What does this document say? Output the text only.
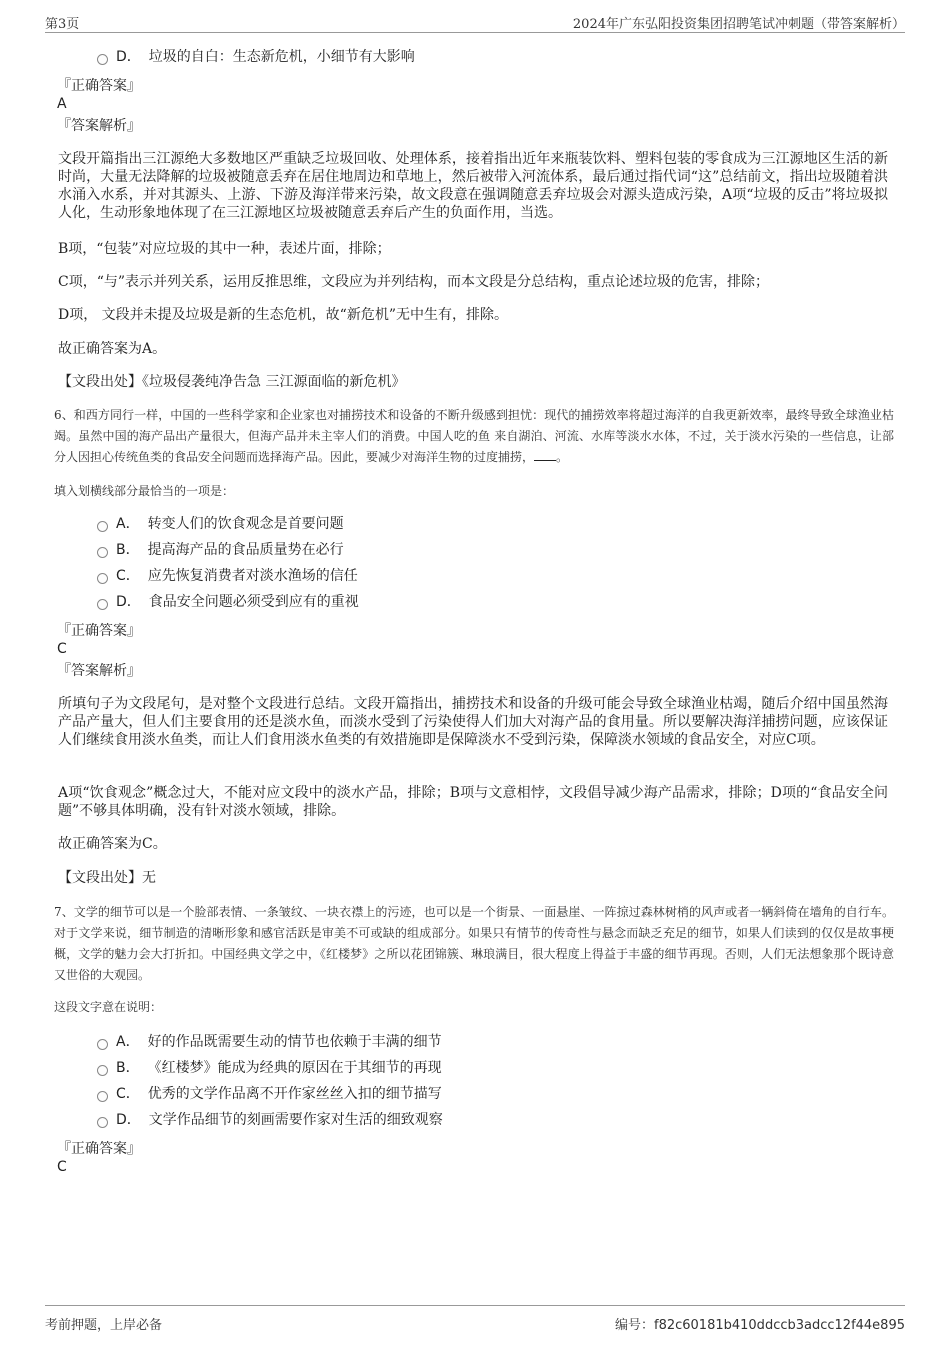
第3页	2024年广东弘阳投资集团招聘笔试冲刺题（带答案解析）
D． 垃圾的自白：生态新危机，小细节有大影响
『正确答案』
A
『答案解析』
文段开篇指出三江源绝大多数地区严重缺乏垃圾回收、处理体系，接着指出近年来瓶装饮料、塑料包装的零食成为三江源地区生活的新时尚，大量无法降解的垃圾被随意丢弃在居住地周边和草地上，然后被带入河流体系，最后通过指代词“这”总结前文，指出垃圾随着洪水涌入水系，并对其源头、上游、下游及海洋带来污染，故文段意在强调随意丢弃垃圾会对源头造成污染，A项“垃圾的反击”将垃圾拟人化，生动形象地体现了在三江源地区垃圾被随意丢弃后产生的负面作用，当选。
B项，“包装”对应垃圾的其中一种，表述片面，排除；
C项，“与”表示并列关系，运用反推思维，文段应为并列结构，而本文段是分总结构，重点论述垃圾的危害，排除；
D项， 文段并未提及垃圾是新的生态危机，故“新危机”无中生有，排除。
故正确答案为A。
【文段出处】《垃圾侵袭纯净告急 三江源面临的新危机》
6、和西方同行一样，中国的一些科学家和企业家也对捕捞技术和设备的不断升级感到担忧：现代的捕捞效率将超过海洋的自我更新效率，最终导致全球渔业枯竭。虽然中国的海产品出产量很大，但海产品并未主宰人们的消费。中国人吃的鱼 来自湖泊、河流、水库等淡水水体，不过，关于淡水污染的一些信息，让部分人因担心传统鱼类的食品安全问题而选择海产品。因此，要减少对海洋生物的过度捕捞， 。
填入划横线部分最恰当的一项是：
A． 转变人们的饮食观念是首要问题
B． 提高海产品的食品质量势在必行
C． 应先恢复消费者对淡水渔场的信任
D． 食品安全问题必须受到应有的重视
『正确答案』
C
『答案解析』
所填句子为文段尾句，是对整个文段进行总结。文段开篇指出，捕捞技术和设备的升级可能会导致全球渔业枯竭，随后介绍中国虽然海产品产量大，但人们主要食用的还是淡水鱼，而淡水受到了污染使得人们加大对海产品的食用量。所以要解决海洋捕捞问题，应该保证人们继续食用淡水鱼类，而让人们食用淡水鱼类的有效措施即是保障淡水不受到污染，保障淡水领域的食品安全，对应C项。
A项“饮食观念”概念过大，不能对应文段中的淡水产品，排除；B项与文意相悖，文段倡导减少海产品需求，排除；D项的“食品安全问题”不够具体明确，没有针对淡水领域，排除。
故正确答案为C。
【文段出处】无
7、文学的细节可以是一个脸部表情、一条皱纹、一块衣襟上的污迹，也可以是一个街景、一面悬崖、一阵掠过森林树梢的风声或者一辆斜倚在墙角的自行车。对于文学来说，细节制造的清晰形象和感官活跃是审美不可或缺的组成部分。如果只有情节的传奇性与悬念而缺乏充足的细节，如果人们读到的仅仅是故事梗概，文学的魅力会大打折扣。中国经典文学之中，《红楼梦》之所以花团锦簇、琳琅满目，很大程度上得益于丰盛的细节再现。否则，人们无法想象那个既诗意又世俗的大观园。
这段文字意在说明：
A． 好的作品既需要生动的情节也依赖于丰满的细节
B． 《红楼梦》能成为经典的原因在于其细节的再现
C． 优秀的文学作品离不开作家丝丝入扣的细节描写
D． 文学作品细节的刻画需要作家对生活的细致观察
『正确答案』
C
考前押题，上岸必备	编号：f82c60181b410ddccb3adcc12f44e895
